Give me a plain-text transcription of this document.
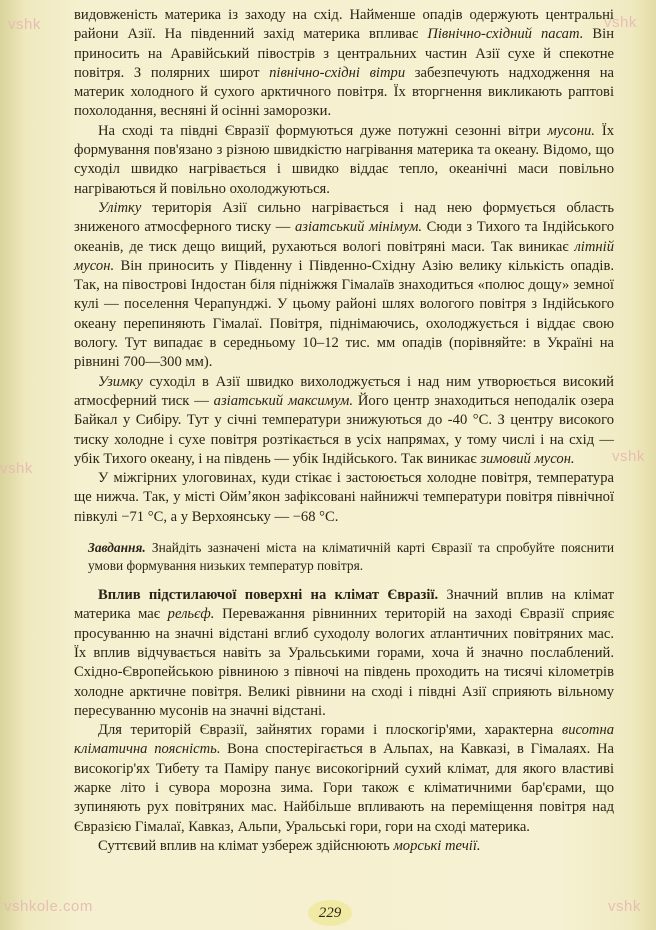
vshk	vshk
vshk
vshk
vshkole.com	vshk

видовженість материка із заходу на схід. Найменше опадів одержують центральні райони Азії. На південний захід материка впливає Північно-східний пасат. Він приносить на Аравійський півострів з центральних частин Азії сухе й спекотне повітря. З полярних широт північно-східні вітри забезпечують надходження на материк холодного й сухого арктичного повітря. Їх вторгнення викликають раптові похолодання, весняні й осінні заморозки.

На сході та півдні Євразії формуються дуже потужні сезонні вітри мусони. Їх формування пов'язано з різною швидкістю нагрівання материка та океану. Відомо, що суходіл швидко нагрівається і швидко віддає тепло, океанічні маси повільно нагріваються й повільно охолоджуються.

Улітку територія Азії сильно нагрівається і над нею формується область зниженого атмосферного тиску — азіатський мінімум. Сюди з Тихого та Індійського океанів, де тиск дещо вищий, рухаються вологі повітряні маси. Так виникає літній мусон. Він приносить у Південну і Південно-Східну Азію велику кількість опадів. Так, на півострові Індостан біля підніжжя Гімалаїв знаходиться «полюс дощу» земної кулі — поселення Черапунджі. У цьому районі шлях вологого повітря з Індійського океану перепиняють Гімалаї. Повітря, піднімаючись, охолоджується і віддає свою вологу. Тут випадає в середньому 10–12 тис. мм опадів (порівняйте: в Україні на рівнині 700—300 мм).

Узимку суходіл в Азії швидко вихолоджується і над ним утворюється високий атмосферний тиск — азіатський максимум. Його центр знаходиться неподалік озера Байкал у Сибіру. Тут у січні температури знижуються до -40 °С. З центру високого тиску холодне і сухе повітря розтікається в усіх напрямах, у тому числі і на схід — убік Тихого океану, і на південь — убік Індійського. Так виникає зимовий мусон.

У міжгірних улоговинах, куди стікає і застоюється холодне повітря, температура ще нижча. Так, у місті Оймʼякон зафіксовані найнижчі температури повітря північної півкулі −71 °С, а у Верхоянську — −68 °С.

Завдання. Знайдіть зазначені міста на кліматичній карті Євразії та спробуйте пояснити умови формування низьких температур повітря.

Вплив підстилаючої поверхні на клімат Євразії. Значний вплив на клімат материка має рельєф. Переважання рівнинних територій на заході Євразії сприяє просуванню на значні відстані вглиб суходолу вологих атлантичних повітряних мас. Їх вплив відчувається навіть за Уральськими горами, хоча й значно послаблений. Східно-Європейською рівниною з півночі на південь проходить на тисячі кілометрів холодне арктичне повітря. Великі рівнини на сході і півдні Азії сприяють вільному пересуванню мусонів на значні відстані.

Для територій Євразії, зайнятих горами і плоскогір'ями, характерна висотна кліматична поясність. Вона спостерігається в Альпах, на Кавказі, в Гімалаях. На високогір'ях Тибету та Паміру панує високогірний сухий клімат, для якого властиві жарке літо і сувора морозна зима. Гори також є кліматичними бар'єрами, що зупиняють рух повітряних мас. Найбільше впливають на переміщення повітря над Євразією Гімалаї, Кавказ, Альпи, Уральські гори, гори на сході материка.

Суттєвий вплив на клімат узбереж здійснюють морські течії.

229
